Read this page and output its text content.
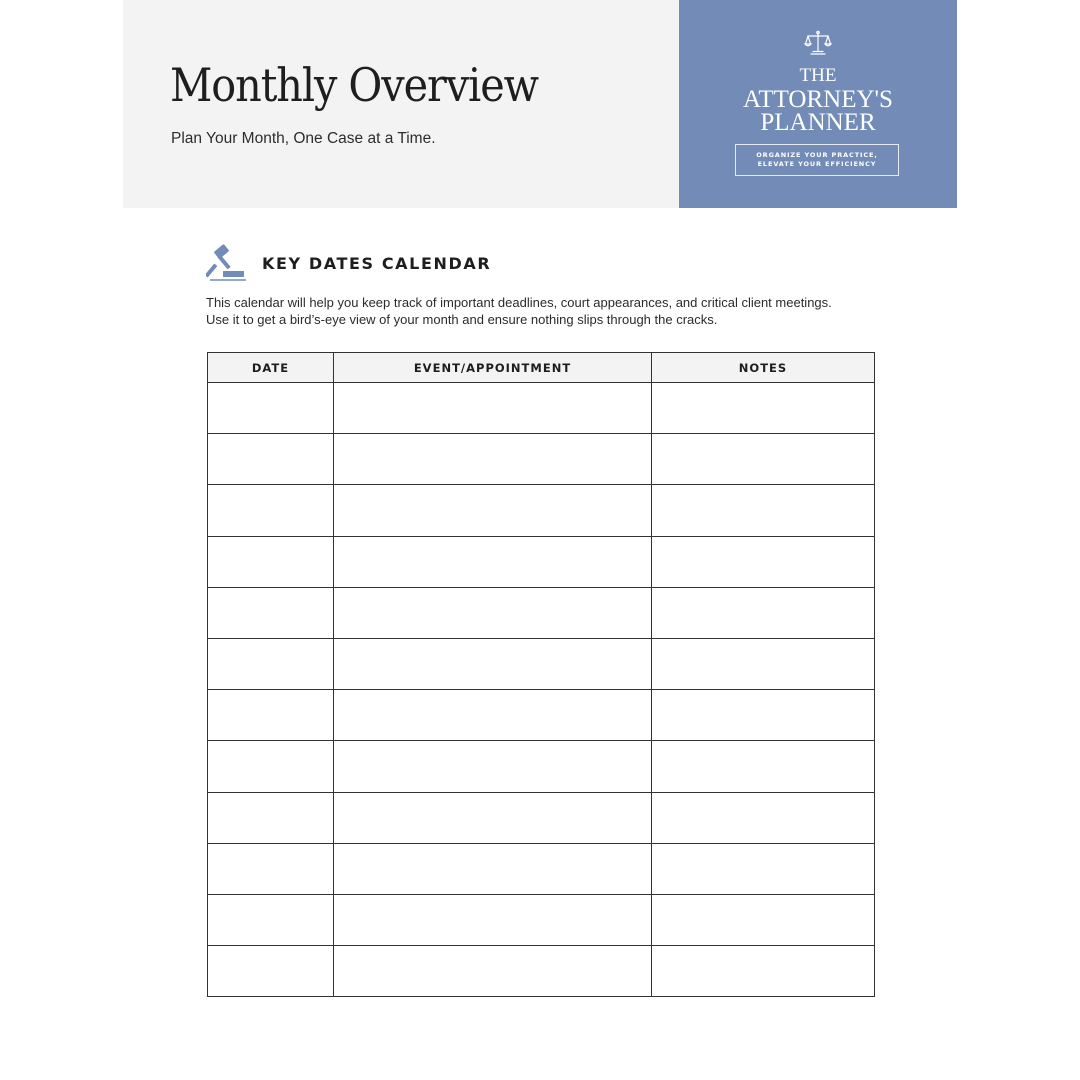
Monthly Overview

Plan Your Month, One Case at a Time.

THE
ATTORNEY'S
PLANNER
ORGANIZE YOUR PRACTICE,
ELEVATE YOUR EFFICIENCY
KEY DATES CALENDAR

This calendar will help you keep track of important deadlines, court appearances, and critical client meetings. Use it to get a bird’s-eye view of your month and ensure nothing slips through the cracks.

DATE	EVENT/APPOINTMENT	NOTES
